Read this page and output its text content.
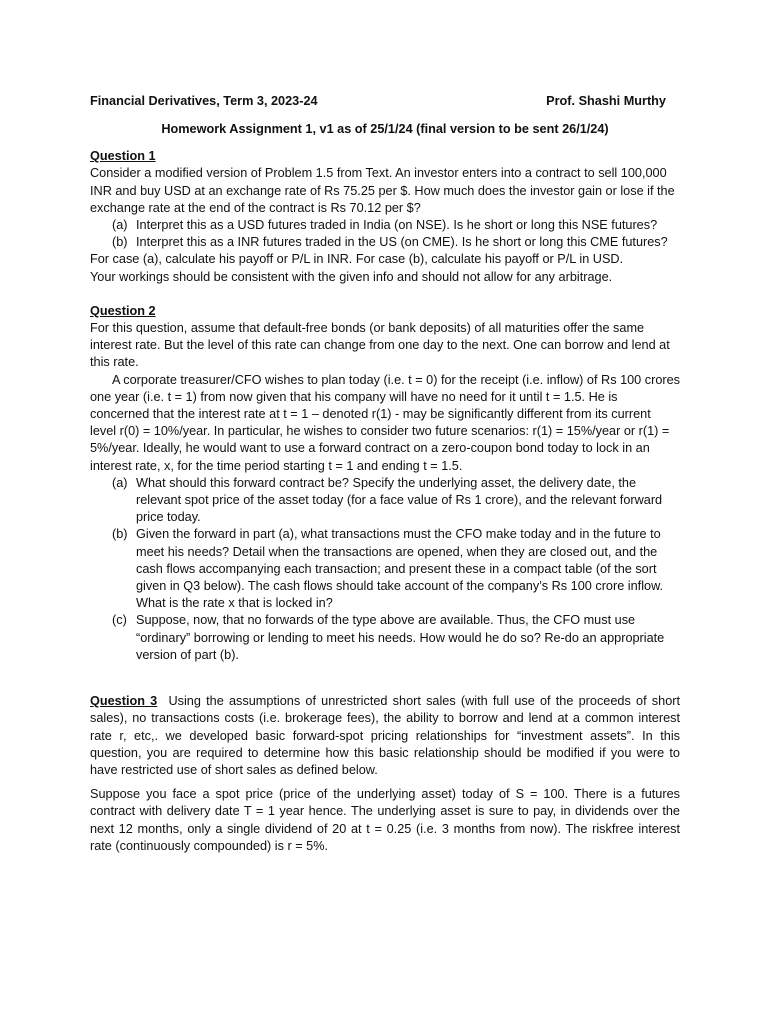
Financial Derivatives, Term 3, 2023-24	Prof. Shashi Murthy
Homework Assignment 1, v1 as of 25/1/24 (final version to be sent 26/1/24)
Question 1

Consider a modified version of Problem 1.5 from Text. An investor enters into a contract to sell 100,000 INR and buy USD at an exchange rate of Rs 75.25 per $. How much does the investor gain or lose if the exchange rate at the end of the contract is Rs 70.12 per $?

(a) Interpret this as a USD futures traded in India (on NSE). Is he short or long this NSE futures?
(b) Interpret this as a INR futures traded in the US (on CME). Is he short or long this CME futures?

For case (a), calculate his payoff or P/L in INR. For case (b), calculate his payoff or P/L in USD.

Your workings should be consistent with the given info and should not allow for any arbitrage.

Question 2

For this question, assume that default-free bonds (or bank deposits) of all maturities offer the same interest rate. But the level of this rate can change from one day to the next. One can borrow and lend at this rate.

A corporate treasurer/CFO wishes to plan today (i.e. t = 0) for the receipt (i.e. inflow) of Rs 100 crores one year (i.e. t = 1) from now given that his company will have no need for it until t = 1.5. He is concerned that the interest rate at t = 1 – denoted r(1) - may be significantly different from its current level r(0) = 10%/year. In particular, he wishes to consider two future scenarios: r(1) = 15%/year or r(1) = 5%/year. Ideally, he would want to use a forward contract on a zero-coupon bond today to lock in an interest rate, x, for the time period starting t = 1 and ending t = 1.5.

(a) What should this forward contract be? Specify the underlying asset, the delivery date, the relevant spot price of the asset today (for a face value of Rs 1 crore), and the relevant forward price today.
(b) Given the forward in part (a), what transactions must the CFO make today and in the future to meet his needs? Detail when the transactions are opened, when they are closed out, and the cash flows accompanying each transaction; and present these in a compact table (of the sort given in Q3 below). The cash flows should take account of the company’s Rs 100 crore inflow. What is the rate x that is locked in?
(c) Suppose, now, that no forwards of the type above are available. Thus, the CFO must use “ordinary” borrowing or lending to meet his needs. How would he do so? Re-do an appropriate version of part (b).

Question 3 Using the assumptions of unrestricted short sales (with full use of the proceeds of short sales), no transactions costs (i.e. brokerage fees), the ability to borrow and lend at a common interest rate r, etc,. we developed basic forward-spot pricing relationships for “investment assets”. In this question, you are required to determine how this basic relationship should be modified if you were to have restricted use of short sales as defined below.

Suppose you face a spot price (price of the underlying asset) today of S = 100. There is a futures contract with delivery date T = 1 year hence. The underlying asset is sure to pay, in dividends over the next 12 months, only a single dividend of 20 at t = 0.25 (i.e. 3 months from now). The riskfree interest rate (continuously compounded) is r = 5%.
